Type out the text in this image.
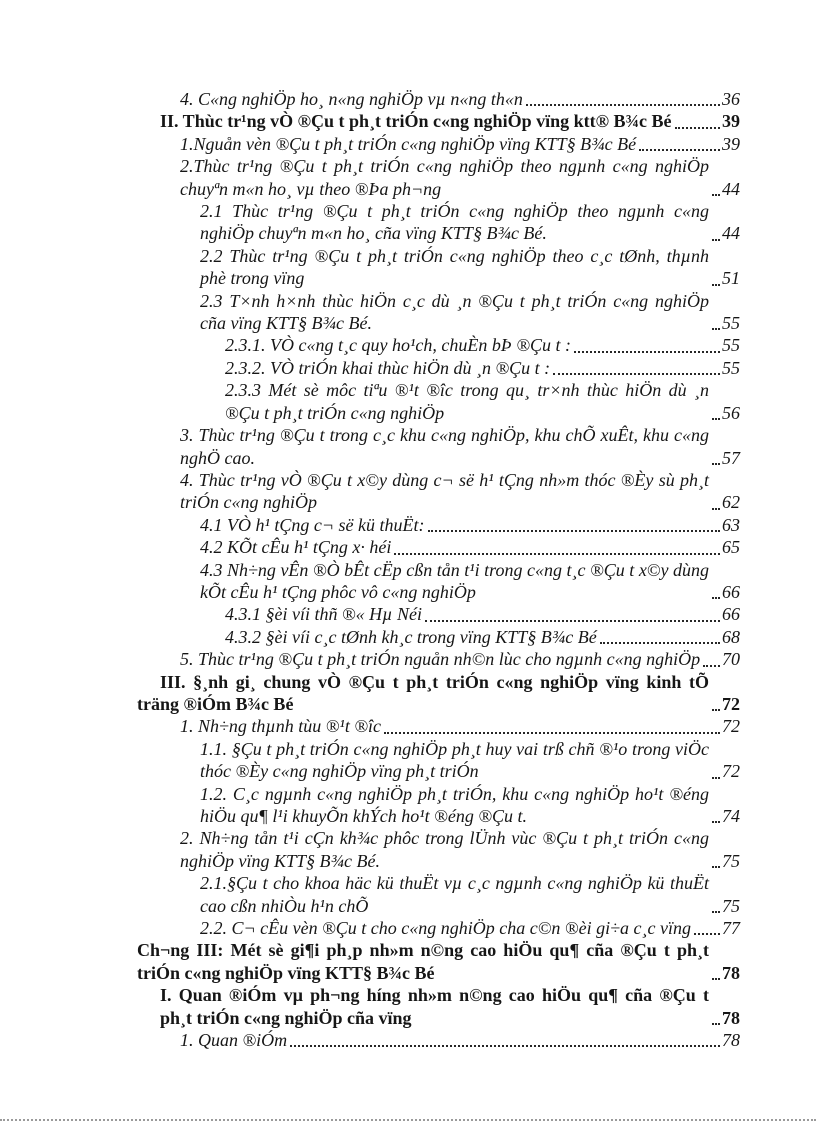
4. C«ng nghiÖp ho¸ n«ng nghiÖp vµ n«ng th«n	36
II. Thùc tr¹ng vÒ ®Çu t ph¸t triÓn c«ng nghiÖp vïng ktt® B¾c Bé	39
1.Nguån vèn ®Çu t ph¸t triÓn c«ng nghiÖp vïng KTT§ B¾c Bé	39
2.Thùc tr¹ng ®Çu t ph¸t triÓn c«ng nghiÖp theo ngµnh c«ng nghiÖp chuyªn m«n ho¸ vµ theo ®Þa ph¬ng	44
2.1 Thùc tr¹ng ®Çu t ph¸t triÓn c«ng nghiÖp theo ngµnh c«ng nghiÖp chuyªn m«n ho¸ cña vïng KTT§ B¾c Bé.	44
2.2 Thùc tr¹ng ®Çu t ph¸t triÓn c«ng nghiÖp theo c¸c tØnh, thµnh phè trong vïng	51
2.3 T×nh h×nh thùc hiÖn c¸c dù ¸n ®Çu t ph¸t triÓn c«ng nghiÖp cña vïng KTT§ B¾c Bé.	55
2.3.1. VÒ c«ng t¸c quy ho¹ch, chuÈn bÞ ®Çu t :	55
2.3.2. VÒ triÓn khai thùc hiÖn dù ¸n ®Çu t :	55
2.3.3 Mét sè môc tiªu ®¹t ®îc trong qu¸ tr×nh thùc hiÖn dù ¸n ®Çu t ph¸t triÓn c«ng nghiÖp	56
3. Thùc tr¹ng ®Çu t trong c¸c khu c«ng nghiÖp, khu chÕ xuÊt, khu c«ng nghÖ cao.	57
4. Thùc tr¹ng vÒ ®Çu t x©y dùng c¬ së h¹ tÇng nh»m thóc ®Èy sù ph¸t triÓn c«ng nghiÖp	62
4.1 VÒ h¹ tÇng c¬ së kü thuËt:	63
4.2 KÕt cÊu h¹ tÇng x· héi	65
4.3 Nh÷ng vÊn ®Ò bÊt cËp cßn tån t¹i trong c«ng t¸c ®Çu t x©y dùng kÕt cÊu h¹ tÇng phôc vô c«ng nghiÖp	66
4.3.1 §èi víi thñ ®« Hµ Néi	66
4.3.2 §èi víi c¸c tØnh kh¸c trong vïng KTT§ B¾c Bé	68
5. Thùc tr¹ng ®Çu t ph¸t triÓn nguån nh©n lùc cho ngµnh c«ng nghiÖp 70
III. §¸nh gi¸ chung vÒ ®Çu t ph¸t triÓn c«ng nghiÖp vïng kinh tÕ träng ®iÓm B¾c Bé	72
1. Nh÷ng thµnh tùu ®¹t ®îc	72
1.1. §Çu t ph¸t triÓn c«ng nghiÖp ph¸t huy vai trß chñ ®¹o trong viÖc thóc ®Èy c«ng nghiÖp vïng ph¸t triÓn	72
1.2. C¸c ngµnh c«ng nghiÖp ph¸t triÓn, khu c«ng nghiÖp ho¹t ®éng hiÖu qu¶ l¹i khuyÕn khÝch ho¹t ®éng ®Çu t.	74
2. Nh÷ng tån t¹i cÇn kh¾c phôc trong lÜnh vùc ®Çu t ph¸t triÓn c«ng nghiÖp vïng KTT§ B¾c Bé.	75
2.1.§Çu t cho khoa häc kü thuËt vµ c¸c ngµnh c«ng nghiÖp kü thuËt cao cßn nhiÒu h¹n chÕ	75
2.2. C¬ cÊu vèn ®Çu t cho c«ng nghiÖp cha c©n ®èi gi÷a c¸c vïng 77
Ch¬ng III: Mét sè gi¶i ph¸p nh»m n©ng cao hiÖu qu¶ cña ®Çu t ph¸t triÓn c«ng nghiÖp vïng KTT§ B¾c Bé	78
I. Quan ®iÓm vµ ph¬ng híng nh»m n©ng cao hiÖu qu¶ cña ®Çu t ph¸t triÓn c«ng nghiÖp cña vïng	78
1. Quan ®iÓm	78
